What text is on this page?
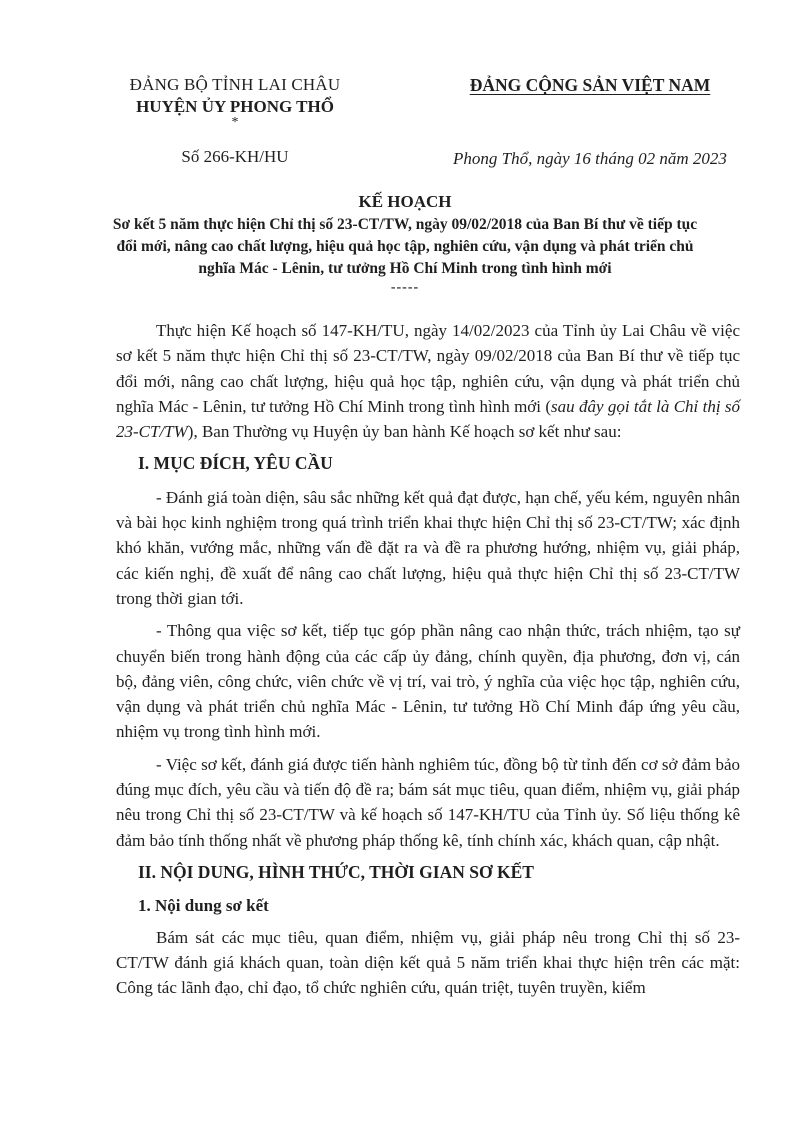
ĐẢNG BỘ TỈNH LAI CHÂU
HUYỆN ỦY PHONG THỔ
*
Số 266-KH/HU
ĐẢNG CỘNG SẢN VIỆT NAM
Phong Thổ, ngày 16 tháng 02 năm 2023
KẾ HOẠCH
Sơ kết 5 năm thực hiện Chỉ thị số 23-CT/TW, ngày 09/02/2018 của Ban Bí thư về tiếp tục đổi mới, nâng cao chất lượng, hiệu quả học tập, nghiên cứu, vận dụng và phát triển chủ nghĩa Mác - Lênin, tư tưởng Hồ Chí Minh trong tình hình mới
-----

Thực hiện Kế hoạch số 147-KH/TU, ngày 14/02/2023 của Tỉnh ủy Lai Châu về việc sơ kết 5 năm thực hiện Chỉ thị số 23-CT/TW, ngày 09/02/2018 của Ban Bí thư về tiếp tục đổi mới, nâng cao chất lượng, hiệu quả học tập, nghiên cứu, vận dụng và phát triển chủ nghĩa Mác - Lênin, tư tưởng Hồ Chí Minh trong tình hình mới (sau đây gọi tắt là Chỉ thị số 23-CT/TW), Ban Thường vụ Huyện ủy ban hành Kế hoạch sơ kết như sau:

I. MỤC ĐÍCH, YÊU CẦU

- Đánh giá toàn diện, sâu sắc những kết quả đạt được, hạn chế, yếu kém, nguyên nhân và bài học kinh nghiệm trong quá trình triển khai thực hiện Chỉ thị số 23-CT/TW; xác định khó khăn, vướng mắc, những vấn đề đặt ra và đề ra phương hướng, nhiệm vụ, giải pháp, các kiến nghị, đề xuất để nâng cao chất lượng, hiệu quả thực hiện Chỉ thị số 23-CT/TW trong thời gian tới.

- Thông qua việc sơ kết, tiếp tục góp phần nâng cao nhận thức, trách nhiệm, tạo sự chuyển biến trong hành động của các cấp ủy đảng, chính quyền, địa phương, đơn vị, cán bộ, đảng viên, công chức, viên chức về vị trí, vai trò, ý nghĩa của việc học tập, nghiên cứu, vận dụng và phát triển chủ nghĩa Mác - Lênin, tư tưởng Hồ Chí Minh đáp ứng yêu cầu, nhiệm vụ trong tình hình mới.

- Việc sơ kết, đánh giá được tiến hành nghiêm túc, đồng bộ từ tỉnh đến cơ sở đảm bảo đúng mục đích, yêu cầu và tiến độ đề ra; bám sát mục tiêu, quan điểm, nhiệm vụ, giải pháp nêu trong Chỉ thị số 23-CT/TW và kế hoạch số 147-KH/TU của Tỉnh ủy. Số liệu thống kê đảm bảo tính thống nhất về phương pháp thống kê, tính chính xác, khách quan, cập nhật.

II. NỘI DUNG, HÌNH THỨC, THỜI GIAN SƠ KẾT
1. Nội dung sơ kết

Bám sát các mục tiêu, quan điểm, nhiệm vụ, giải pháp nêu trong Chỉ thị số 23-CT/TW đánh giá khách quan, toàn diện kết quả 5 năm triển khai thực hiện trên các mặt: Công tác lãnh đạo, chỉ đạo, tổ chức nghiên cứu, quán triệt, tuyên truyền, kiểm
